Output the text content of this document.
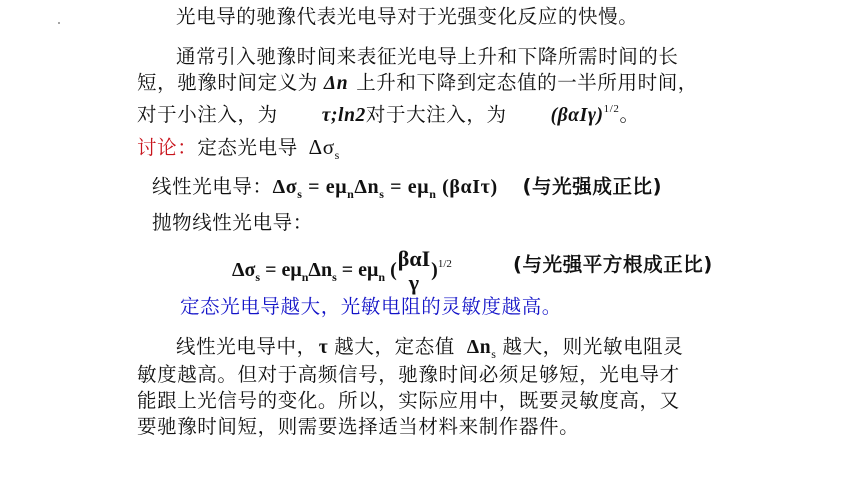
光电导的驰豫代表光电导对于光强变化反应的快慢。
通常引入驰豫时间来表征光电导上升和下降所需时间的长
短，驰豫时间定义为 Δn 上升和下降到定态值的一半所用时间，
对于小注入，为 τ;ln2对于大注入，为 $(\beta\alpha I\gamma)^{1/2}$。
讨论：定态光电导 $\Delta\sigma_s$
线性光电导：$\Delta\sigma_s = e\mu_n\Delta n_s = e\mu_n$ (βαIτ) (与光强成正比)
抛物线性光电导：
$\Delta\sigma_s = e\mu_n\Delta n_s = e\mu_n$ ( βαI
γ
)$^{1/2}$	(与光强平方根成正比)
定态光电导越大，光敏电阻的灵敏度越高。
线性光电导中， τ 越大，定态值 $\Delta n_s$ 越大，则光敏电阻灵
敏度越高。但对于高频信号，驰豫时间必须足够短，光电导才
能跟上光信号的变化。所以，实际应用中，既要灵敏度高，又
要驰豫时间短，则需要选择适当材料来制作器件。
